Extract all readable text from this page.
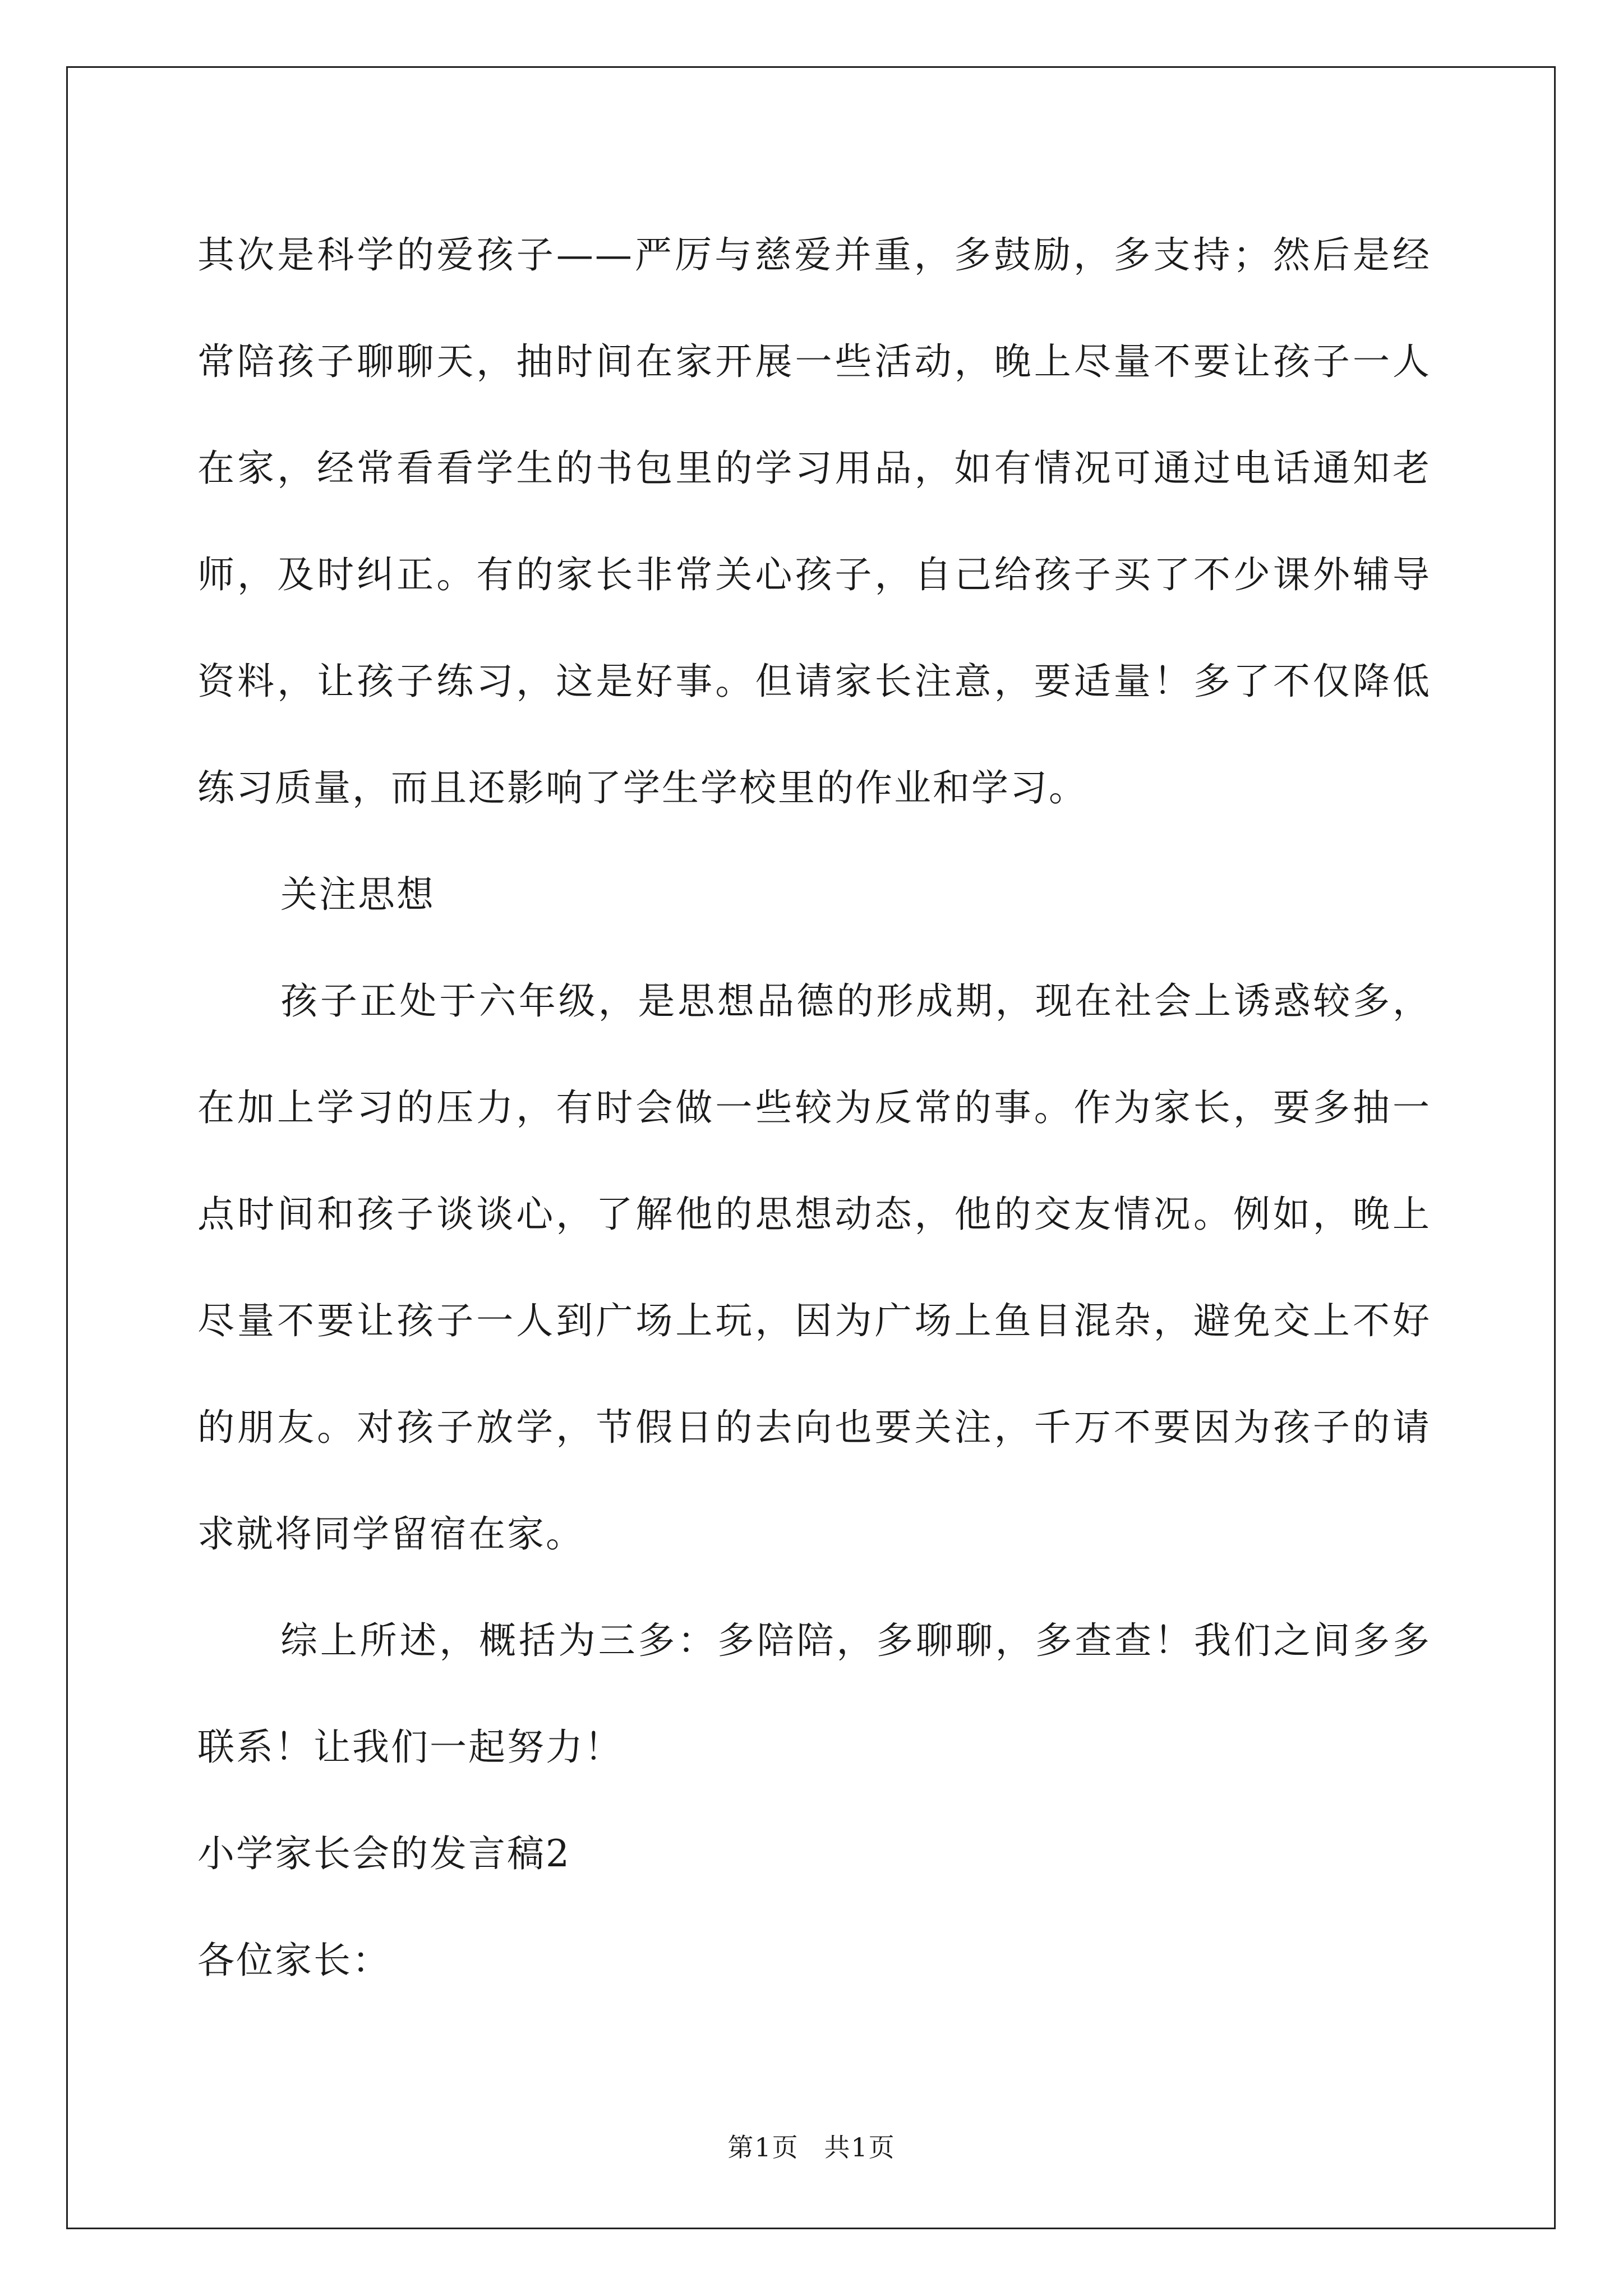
其次是科学的爱孩子——严厉与慈爱并重，多鼓励，多支持；然后是经常陪孩子聊聊天，抽时间在家开展一些活动，晚上尽量不要让孩子一人在家，经常看看学生的书包里的学习用品，如有情况可通过电话通知老师，及时纠正。有的家长非常关心孩子，自己给孩子买了不少课外辅导资料，让孩子练习，这是好事。但请家长注意，要适量！多了不仅降低练习质量，而且还影响了学生学校里的作业和学习。

关注思想

孩子正处于六年级，是思想品德的形成期，现在社会上诱惑较多，在加上学习的压力，有时会做一些较为反常的事。作为家长，要多抽一点时间和孩子谈谈心，了解他的思想动态，他的交友情况。例如，晚上尽量不要让孩子一人到广场上玩，因为广场上鱼目混杂，避免交上不好的朋友。对孩子放学，节假日的去向也要关注，千万不要因为孩子的请求就将同学留宿在家。

综上所述，概括为三多：多陪陪，多聊聊，多查查！我们之间多多联系！让我们一起努力！

小学家长会的发言稿2

各位家长：

第1页 共1页
